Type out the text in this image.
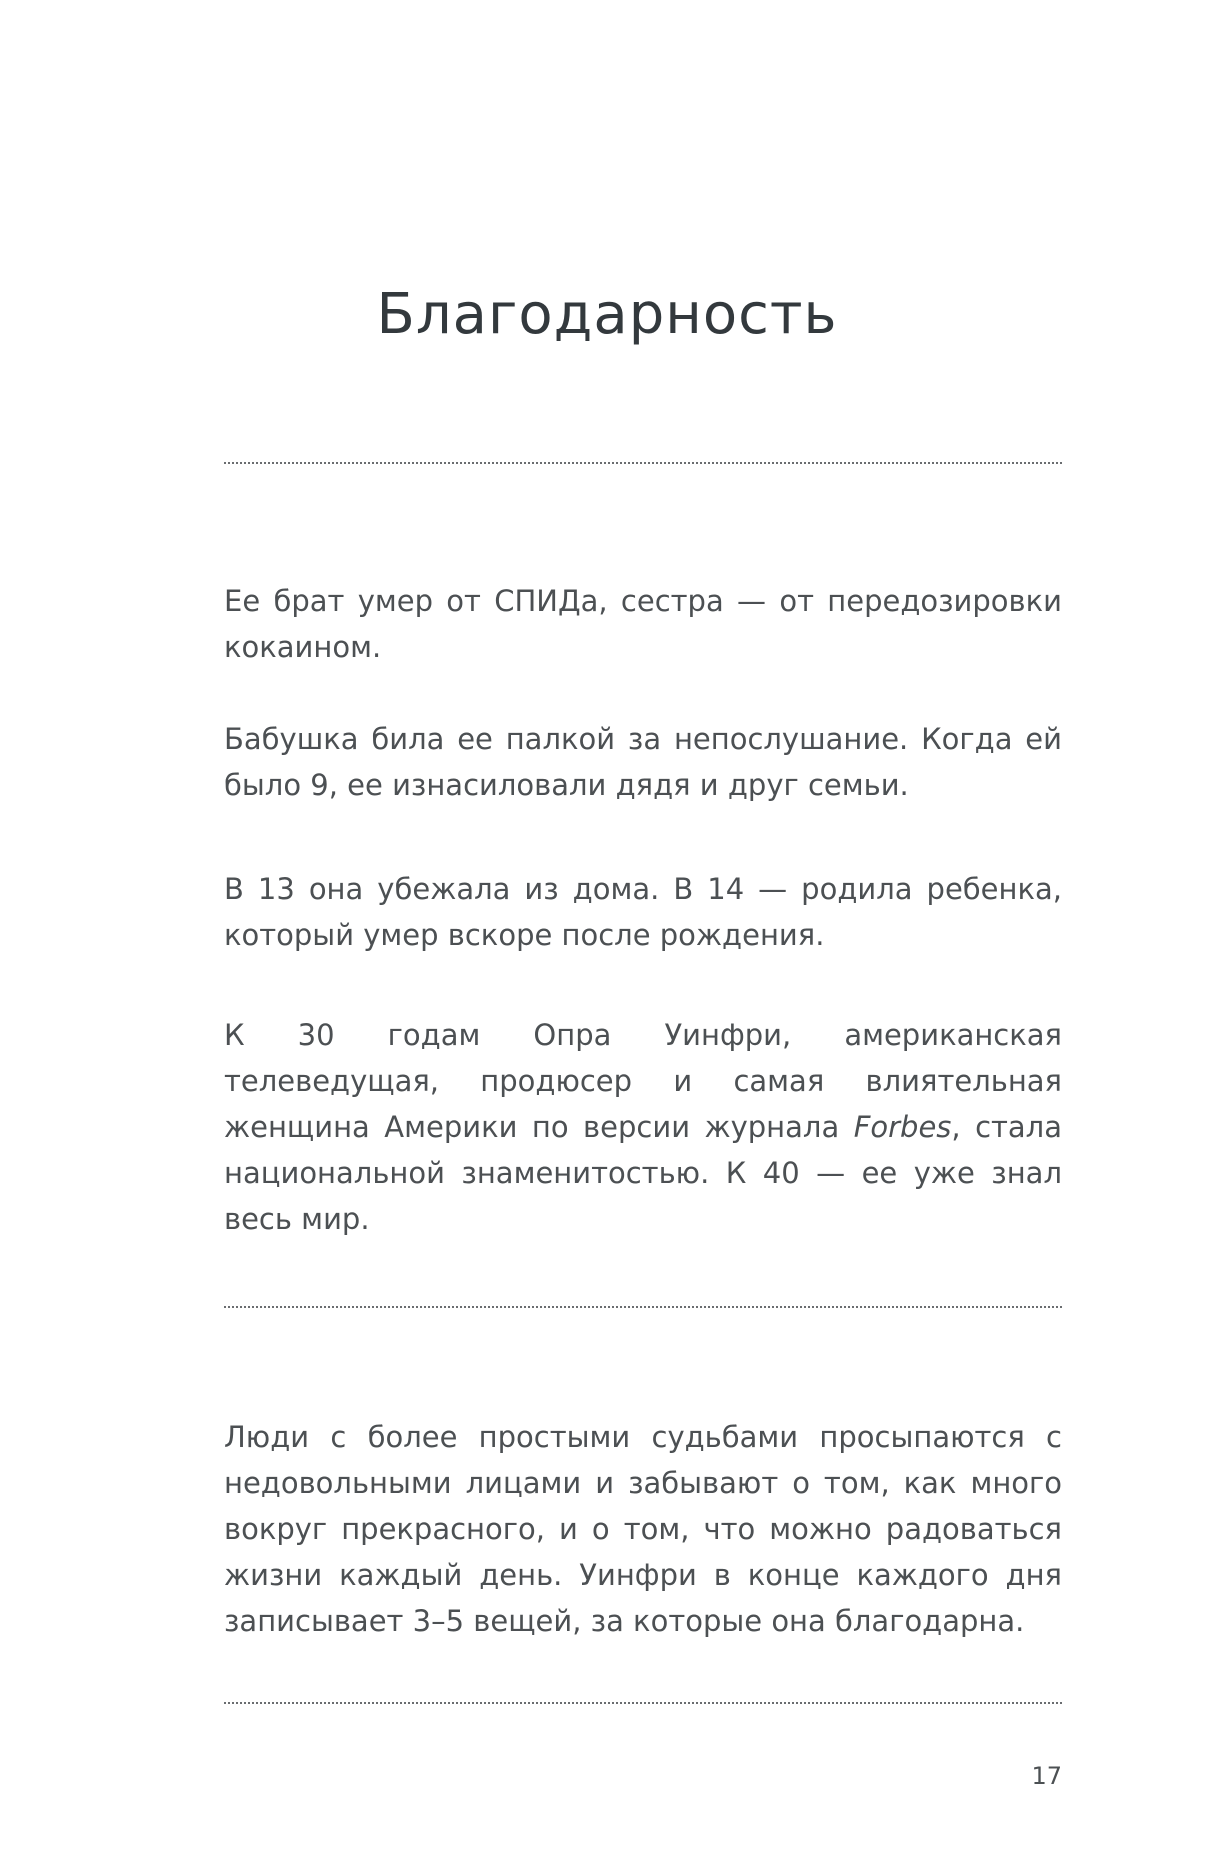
Благодарность

Ее брат умер от СПИДа, сестра — от передозировки кокаином.

Бабушка била ее палкой за непослушание. Когда ей было 9, ее изнасиловали дядя и друг семьи.

В 13 она убежала из дома. В 14 — родила ребенка, который умер вскоре после рождения.

К 30 годам Опра Уинфри, американская телеведущая, продюсер и самая влиятельная женщина Америки по версии журнала Forbes, стала национальной знаменитостью. К 40 — ее уже знал весь мир.

Люди с более простыми судьбами просыпаются с недовольными лицами и забывают о том, как много вокруг прекрасного, и о том, что можно радоваться жизни каждый день. Уинфри в конце каждого дня записывает 3–5 вещей, за которые она благодарна.

17
